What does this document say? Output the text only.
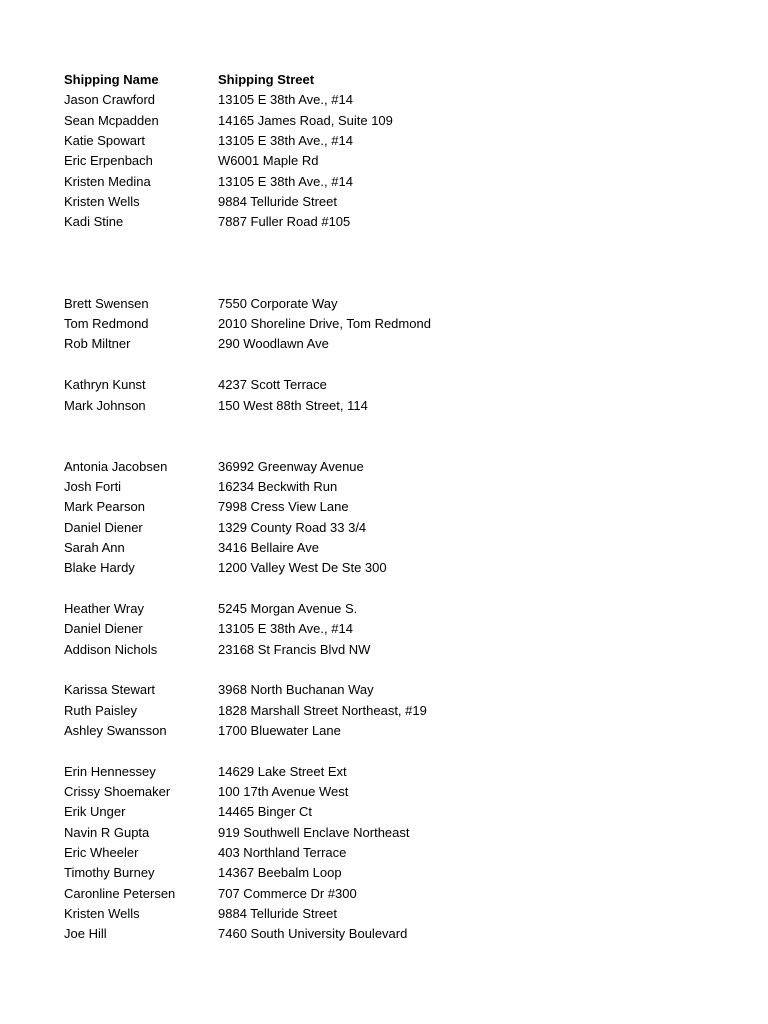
Shipping Name	Shipping Street
Jason Crawford	13105 E 38th Ave., #14
Sean Mcpadden	14165 James Road, Suite 109
Katie Spowart	13105 E 38th Ave., #14
Eric Erpenbach	W6001 Maple Rd
Kristen Medina	13105 E 38th Ave., #14
Kristen Wells	9884 Telluride Street
Kadi Stine	7887 Fuller Road #105
Brett Swensen	7550 Corporate Way
Tom Redmond	2010 Shoreline Drive, Tom Redmond
Rob Miltner	290 Woodlawn Ave
Kathryn Kunst	4237 Scott Terrace
Mark Johnson	150 West 88th Street, 114
Antonia Jacobsen	36992 Greenway Avenue
Josh Forti	16234 Beckwith Run
Mark Pearson	7998 Cress View Lane
Daniel Diener	1329 County Road 33 3/4
Sarah Ann	3416 Bellaire Ave
Blake Hardy	1200 Valley West De Ste 300
Heather Wray	5245 Morgan Avenue S.
Daniel Diener	13105 E 38th Ave., #14
Addison Nichols	23168 St Francis Blvd NW
Karissa Stewart	3968 North Buchanan Way
Ruth Paisley	1828 Marshall Street Northeast, #19
Ashley Swansson	1700 Bluewater Lane
Erin Hennessey	14629 Lake Street Ext
Crissy Shoemaker	100 17th Avenue West
Erik Unger	14465 Binger Ct
Navin R Gupta	919 Southwell Enclave Northeast
Eric Wheeler	403 Northland Terrace
Timothy Burney	14367 Beebalm Loop
Caronline Petersen	707 Commerce Dr #300
Kristen Wells	9884 Telluride Street
Joe Hill	7460 South University Boulevard
